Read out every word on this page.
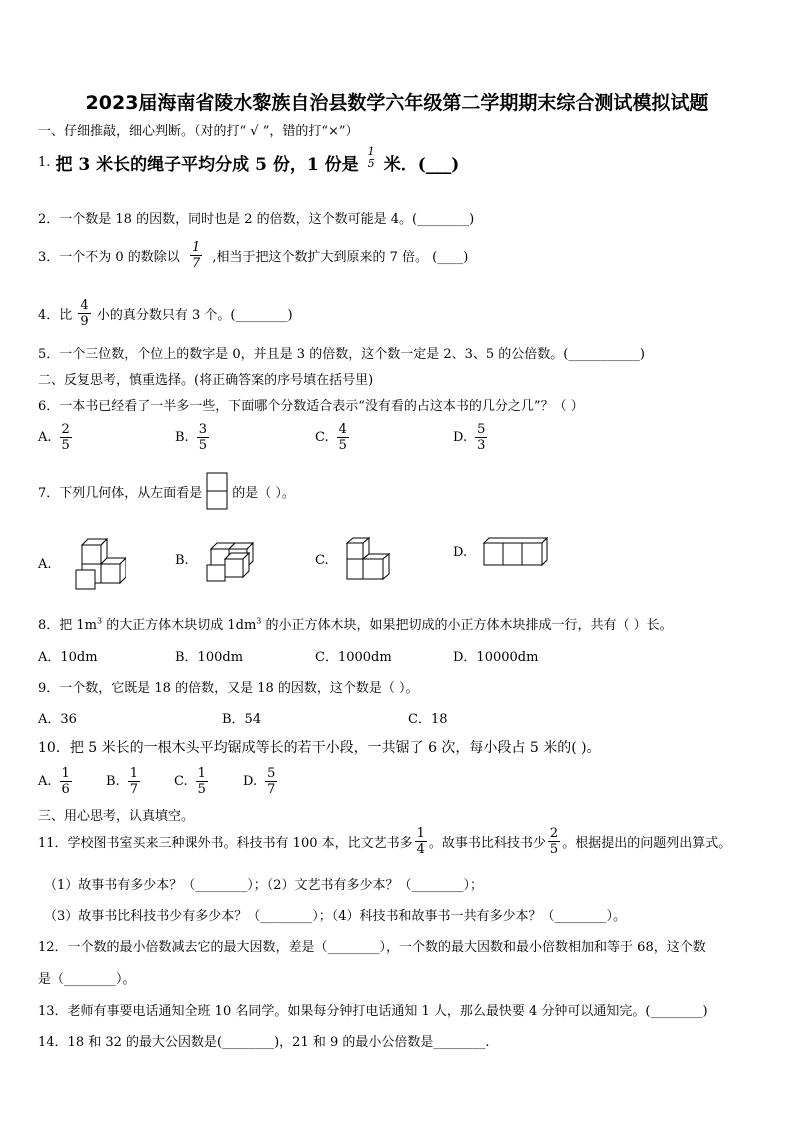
2023届海南省陵水黎族自治县数学六年级第二学期期末综合测试模拟试题
一、仔细推敲，细心判断。（对的打“ √ ”，错的打“×”）
1. 把 3 米长的绳子平均分成 5 份，1 份是
1
5 米．(___)
2．一个数是 18 的因数，同时也是 2 的倍数，这个数可能是 4。(________)
3．一个不为 0 的数除以 $\frac{1}{7}$ ,相当于把这个数扩大到原来的 7 倍。 (____)
4．比 $\frac{4}{9}$ 小的真分数只有 3 个。(________)
5．一个三位数，个位上的数字是 0，并且是 3 的倍数，这个数一定是 2、3、5 的公倍数。(___________)
二、反复思考，慎重选择。(将正确答案的序号填在括号里)
6．一本书已经看了一半多一些，下面哪个分数适合表示“没有看的占这本书的几分之几”？（ ）
A. $\frac{2}{5}$	B. $\frac{3}{5}$	C. $\frac{4}{5}$	D. $\frac{5}{3}$
7．下列几何体，从左面看是 的是（ ）。
A.	B.	C.
D.
8．把 $1m^3$ 的大正方体木块切成 $1dm^3$ 的小正方体木块，如果把切成的小正方体木块排成一行，共有（ ）长。
A．10dm	B．100dm	C．1000dm	D．10000dm
9．一个数，它既是 18 的倍数，又是 18 的因数，这个数是（ ）。
A．36	B．54	C．18
10．把 5 米长的一根木头平均锯成等长的若干小段，一共锯了 6 次，每小段占 5 米的( )。
A. $\frac{1}{6}$	B. $\frac{1}{7}$	C. $\frac{1}{5}$	D. $\frac{5}{7}$
三、用心思考，认真填空。
11．学校图书室买来三种课外书。科技书有 100 本，比文艺书多 $\frac{1}{4}$ 。故事书比科技书少 $\frac{2}{5}$ 。根据提出的问题列出算式。
（1）故事书有多少本？（________）；（2）文艺书有多少本？（________）；
（3）故事书比科技书少有多少本？（________）；（4）科技书和故事书一共有多少本？（________）。
12．一个数的最小倍数减去它的最大因数，差是（________），一个数的最大因数和最小倍数相加和等于 68，这个数
是（________）。
13．老师有事要电话通知全班 10 名同学。如果每分钟打电话通知 1 人，那么最快要 4 分钟可以通知完。(________)
14．18 和 32 的最大公因数是(________)，21 和 9 的最小公倍数是________.
